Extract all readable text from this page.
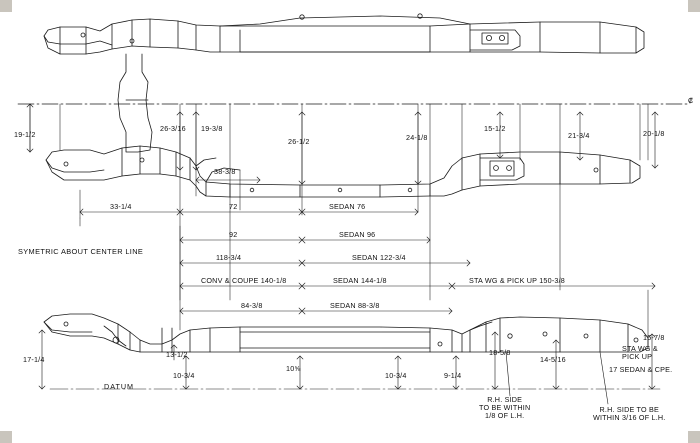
₡
19-1/2
26-3/16 19-3/8
26-1/2	24-1/8
15-1/2
21-3/4	20-1/8
38-3/8
33-1/4	72	SEDAN 76
92	SEDAN 96
118-3/4	SEDAN 122-3/4
CONV & COUPE 140-1/8	SEDAN 144-1/8	STA WG & PICK UP 150-3/8
SYMETRIC ABOUT CENTER LINE
84-3/8	SEDAN 88-3/8
17-1/4
13-1/2
10-3/4
10⅝
10-3/4	9-1/4
18-5/8
14-5/16
15-7/8
DATUM
STA WG &
PICK UP
17 SEDAN & CPE.
R.H. SIDE
TO BE WITHIN
1/8 OF L.H.
R.H. SIDE TO BE
WITHIN 3/16 OF L.H.
